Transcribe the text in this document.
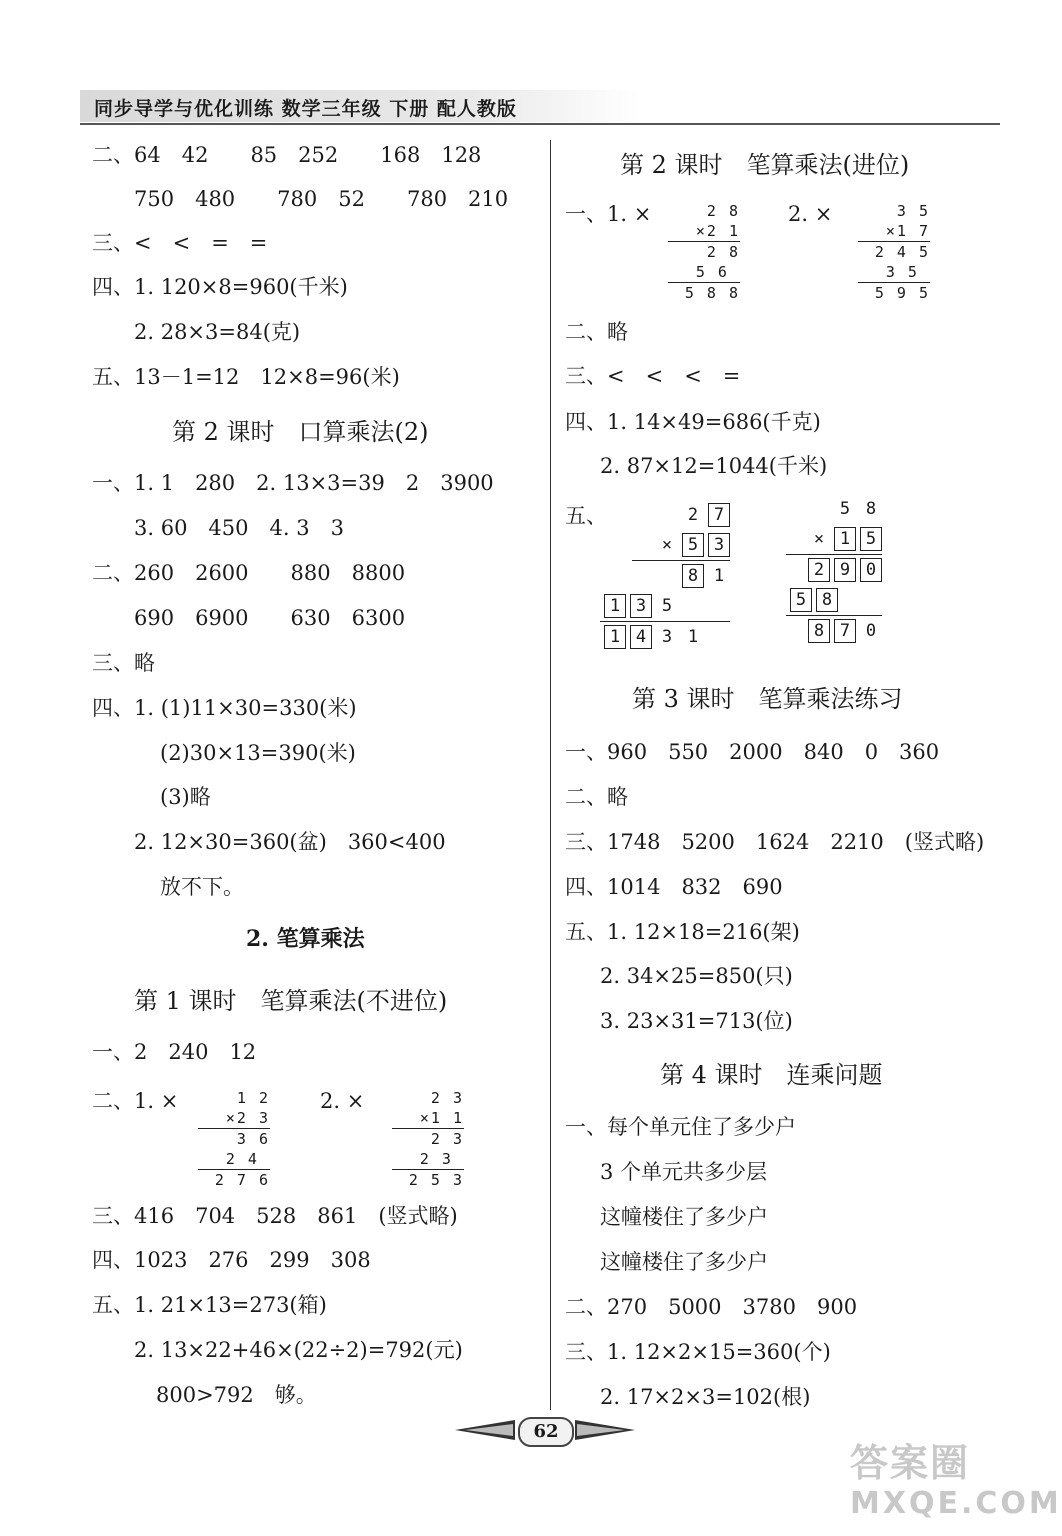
同步导学与优化训练 数学三年级 下册 配人教版
二、64　42　　85　252　　168　128
750　480　　780　52　　780　210
三、<　<　=　=
四、1. 120×8=960(千米)
2. 28×3=84(克)
五、13－1=12　12×8=96(米)
第 2 课时　口算乘法(2)
一、1. 1　280　2. 13×3=39　2　3900
3. 60　450　4. 3　3
二、260　2600　　880　8800
690　6900　　630　6300
三、略
四、1. (1)11×30=330(米)
(2)30×13=390(米)
(3)略
2. 12×30=360(盆)　360<400
放不下。
2. 笔算乘法
第 1 课时　笔算乘法(不进位)
一、2　240　12
二、1. ×	2. ×
1 2
×2 3
3 6
2 4
2 7 6
2 3
×1 1
2 3
2 3
2 5 3
三、416　704　528　861　(竖式略)
四、1023　276　299　308
五、1. 21×13=273(箱)
2. 13×22+46×(22÷2)=792(元)
800>792　够。
第 2 课时　笔算乘法(进位)
一、1. ×	2. ×
2 8
×2 1
2 8
5 6
5 8 8
3 5
×1 7
2 4 5
3 5
5 9 5
二、略
三、<　<　<　=
四、1. 14×49=686(千克)
2. 87×12=1044(千米)
五、	2 7
× 5 3
8 1
1 3 5
1 4 3 1
5 8
× 1 5
2 9 0
5 8
8 7 0
第 3 课时　笔算乘法练习
一、960　550　2000　840　0　360
二、略
三、1748　5200　1624　2210　(竖式略)
四、1014　832　690
五、1. 12×18=216(架)
2. 34×25=850(只)
3. 23×31=713(位)
第 4 课时　连乘问题
一、每个单元住了多少户
3 个单元共多少层
这幢楼住了多少户
这幢楼住了多少户
二、270　5000　3780　900
三、1. 12×2×15=360(个)
2. 17×2×3=102(根)
62
答案圈
MXQE.COM
